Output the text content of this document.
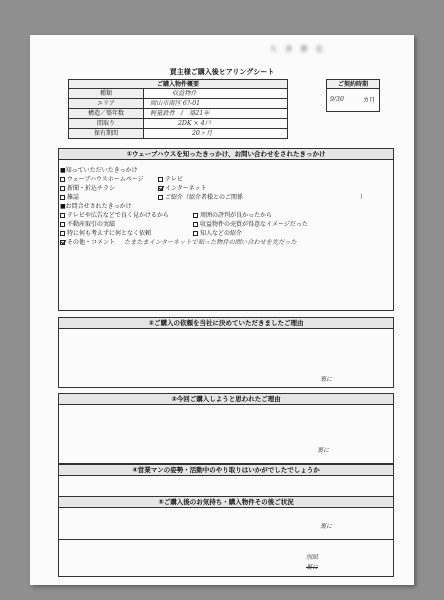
九 条 勝 也
買主様ご購入後ヒアリングシート
ご購入物件概要
種類	収益物件
エリア	岡山市南区 6?-01
構造／築年数	軽量鉄骨　/　築21年
間取り	2DK × 4戸
保有期間	20ヶ月
ご契約時期
9/30	カ月
①ウェーブハウスを知ったきっかけ、お問い合わせをされたきっかけ
■知っていただいたきっかけ
ウェーブハウスホームページ	テレビ
新聞・折込チラシ	インターネット
雑誌	ご紹介（紹介者様とのご関係	）
■お問合せされたきっかけ
テレビや広告などで良く見かけるから	周囲の評判が良かったから
不動産取引の実績	収益物件の売買が得意なイメージだった
特に何も考えずに何となく依頼	知人などの紹介
その他・コメント たまたまインターネットで知った物件の問い合わせを先だった
②ご購入の依頼を当社に決めていただきましたご理由
裏に
③今回ご購入しようと思われたご理由
裏に
④営業マンの姿勢・活動中のやり取りはいかがでしたでしょうか
裏に
⑤ご購入後のお気持ち・購入物件その後ご状況
別紙
裏に
